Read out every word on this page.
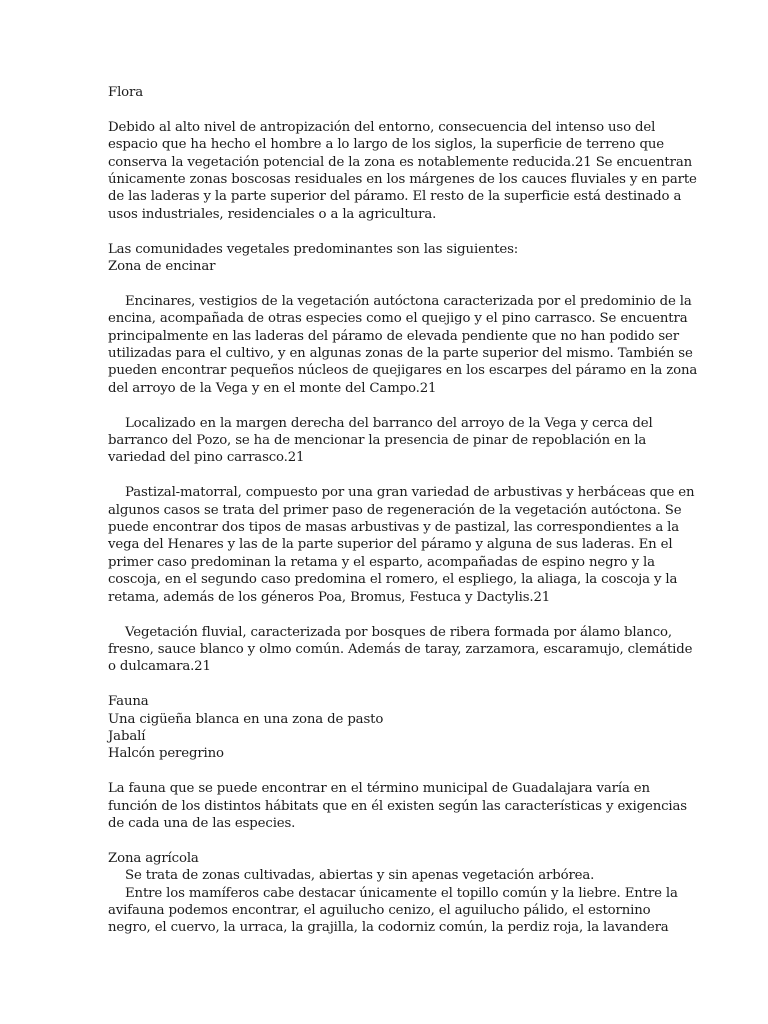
Flora
Debido al alto nivel de antropización del entorno, consecuencia del intenso uso del
espacio que ha hecho el hombre a lo largo de los siglos, la superficie de terreno que
conserva la vegetación potencial de la zona es notablemente reducida.21 Se encuentran
únicamente zonas boscosas residuales en los márgenes de los cauces fluviales y en parte
de las laderas y la parte superior del páramo. El resto de la superficie está destinado a
usos industriales, residenciales o a la agricultura.
Las comunidades vegetales predominantes son las siguientes:
Zona de encinar
Encinares, vestigios de la vegetación autóctona caracterizada por el predominio de la
encina, acompañada de otras especies como el quejigo y el pino carrasco. Se encuentra
principalmente en las laderas del páramo de elevada pendiente que no han podido ser
utilizadas para el cultivo, y en algunas zonas de la parte superior del mismo. También se
pueden encontrar pequeños núcleos de quejigares en los escarpes del páramo en la zona
del arroyo de la Vega y en el monte del Campo.21
Localizado en la margen derecha del barranco del arroyo de la Vega y cerca del
barranco del Pozo, se ha de mencionar la presencia de pinar de repoblación en la
variedad del pino carrasco.21
Pastizal-matorral, compuesto por una gran variedad de arbustivas y herbáceas que en
algunos casos se trata del primer paso de regeneración de la vegetación autóctona. Se
puede encontrar dos tipos de masas arbustivas y de pastizal, las correspondientes a la
vega del Henares y las de la parte superior del páramo y alguna de sus laderas. En el
primer caso predominan la retama y el esparto, acompañadas de espino negro y la
coscoja, en el segundo caso predomina el romero, el espliego, la aliaga, la coscoja y la
retama, además de los géneros Poa, Bromus, Festuca y Dactylis.21
Vegetación fluvial, caracterizada por bosques de ribera formada por álamo blanco,
fresno, sauce blanco y olmo común. Además de taray, zarzamora, escaramujo, clemátide
o dulcamara.21
Fauna
Una cigüeña blanca en una zona de pasto
Jabalí
Halcón peregrino
La fauna que se puede encontrar en el término municipal de Guadalajara varía en
función de los distintos hábitats que en él existen según las características y exigencias
de cada una de las especies.
Zona agrícola
Se trata de zonas cultivadas, abiertas y sin apenas vegetación arbórea.
Entre los mamíferos cabe destacar únicamente el topillo común y la liebre. Entre la
avifauna podemos encontrar, el aguilucho cenizo, el aguilucho pálido, el estornino
negro, el cuervo, la urraca, la grajilla, la codorniz común, la perdiz roja, la lavandera
